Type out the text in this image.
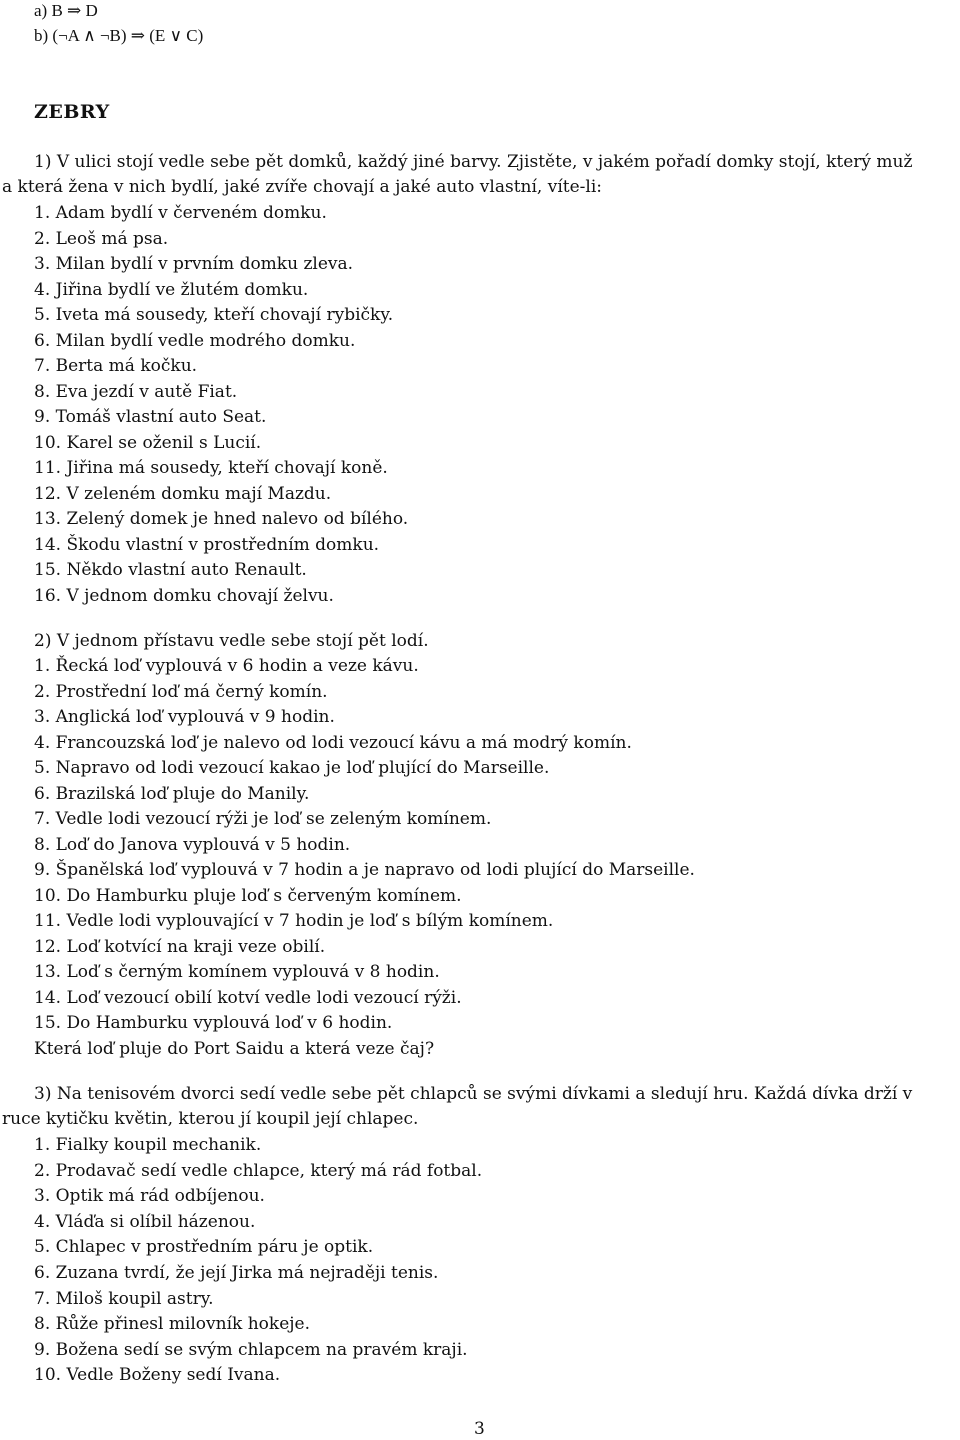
a) B ⇒ D
b) (¬A ∧ ¬B) ⇒ (E ∨ C)
ZEBRY
1) V ulici stojí vedle sebe pět domků, každý jiné barvy. Zjistěte, v jakém pořadí domky stojí, který muž
a která žena v nich bydlí, jaké zvíře chovají a jaké auto vlastní, víte-li:
1. Adam bydlí v červeném domku.
2. Leoš má psa.
3. Milan bydlí v prvním domku zleva.
4. Jiřina bydlí ve žlutém domku.
5. Iveta má sousedy, kteří chovají rybičky.
6. Milan bydlí vedle modrého domku.
7. Berta má kočku.
8. Eva jezdí v autě Fiat.
9. Tomáš vlastní auto Seat.
10. Karel se oženil s Lucií.
11. Jiřina má sousedy, kteří chovají koně.
12. V zeleném domku mají Mazdu.
13. Zelený domek je hned nalevo od bílého.
14. Škodu vlastní v prostředním domku.
15. Někdo vlastní auto Renault.
16. V jednom domku chovají želvu.
2) V jednom přístavu vedle sebe stojí pět lodí.
1. Řecká loď vyplouvá v 6 hodin a veze kávu.
2. Prostřední loď má černý komín.
3. Anglická loď vyplouvá v 9 hodin.
4. Francouzská loď je nalevo od lodi vezoucí kávu a má modrý komín.
5. Napravo od lodi vezoucí kakao je loď plující do Marseille.
6. Brazilská loď pluje do Manily.
7. Vedle lodi vezoucí rýži je loď se zeleným komínem.
8. Loď do Janova vyplouvá v 5 hodin.
9. Španělská loď vyplouvá v 7 hodin a je napravo od lodi plující do Marseille.
10. Do Hamburku pluje loď s červeným komínem.
11. Vedle lodi vyplouvající v 7 hodin je loď s bílým komínem.
12. Loď kotvící na kraji veze obilí.
13. Loď s černým komínem vyplouvá v 8 hodin.
14. Loď vezoucí obilí kotví vedle lodi vezoucí rýži.
15. Do Hamburku vyplouvá loď v 6 hodin.
Která loď pluje do Port Saidu a která veze čaj?
3) Na tenisovém dvorci sedí vedle sebe pět chlapců se svými dívkami a sledují hru. Každá dívka drží v
ruce kytičku květin, kterou jí koupil její chlapec.
1. Fialky koupil mechanik.
2. Prodavač sedí vedle chlapce, který má rád fotbal.
3. Optik má rád odbíjenou.
4. Vláďa si olíbil házenou.
5. Chlapec v prostředním páru je optik.
6. Zuzana tvrdí, že její Jirka má nejraději tenis.
7. Miloš koupil astry.
8. Růže přinesl milovník hokeje.
9. Božena sedí se svým chlapcem na pravém kraji.
10. Vedle Boženy sedí Ivana.
3
